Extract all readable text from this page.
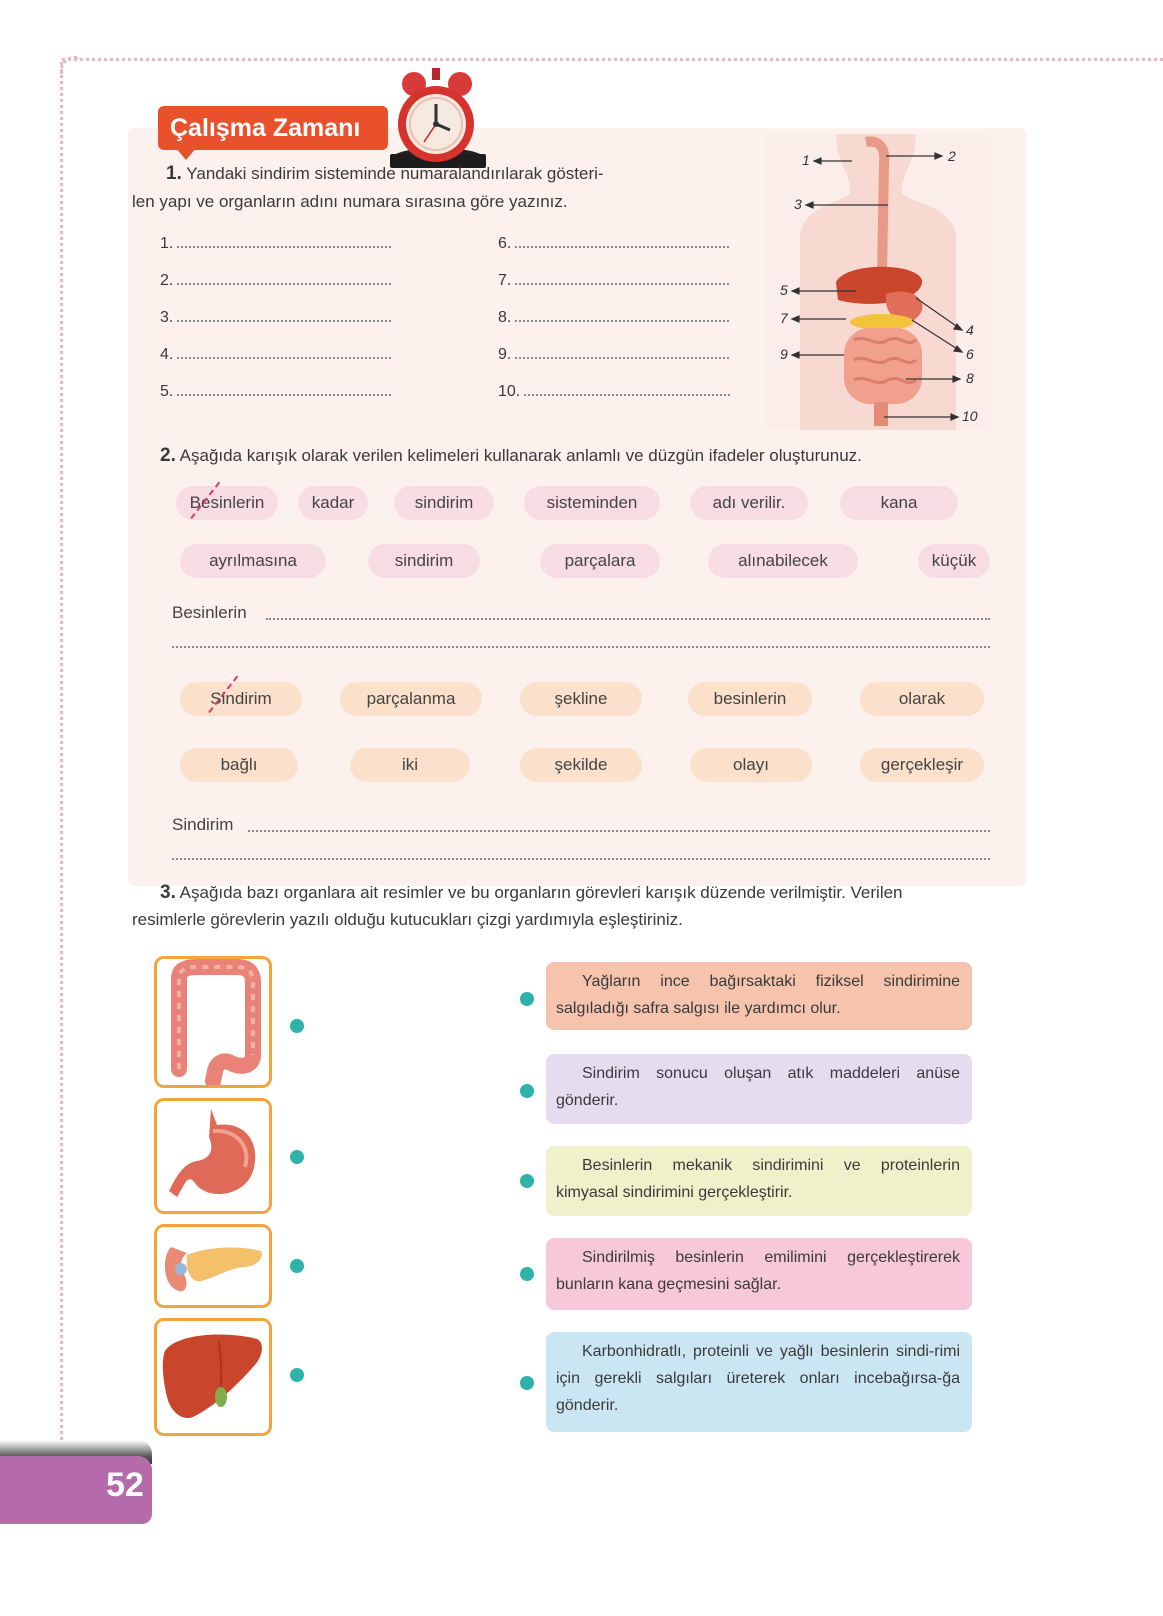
Çalışma Zamanı
1. Yandaki sindirim sisteminde numaralandırılarak gösteri-
len yapı ve organların adını numara sırasına göre yazınız.
1.
2.
3.
4.
5.
6.
7.
8.
9.
10.
1	2
3
4
5
6
7
8
9
10
2. Aşağıda karışık olarak verilen kelimeleri kullanarak anlamlı ve düzgün ifadeler oluşturunuz.
Besinlerin	kadar	sindirim	sisteminden	adı verilir.	kana
ayrılmasına	sindirim	parçalara	alınabilecek	küçük
Besinlerin
Sindirim	parçalanma	şekline	besinlerin	olarak
bağlı	iki	şekilde	olayı	gerçekleşir
Sindirim
3. Aşağıda bazı organlara ait resimler ve bu organların görevleri karışık düzende verilmiştir. Verilen
resimlerle görevlerin yazılı olduğu kutucukları çizgi yardımıyla eşleştiriniz.
Yağların ince bağırsaktaki fiziksel sindirimine salgıladığı safra salgısı ile yardımcı olur.
Sindirim sonucu oluşan atık maddeleri anüse gönderir.
Besinlerin mekanik sindirimini ve proteinlerin kimyasal sindirimini gerçekleştirir.
Sindirilmiş besinlerin emilimini gerçekleştirerek bunların kana geçmesini sağlar.
Karbonhidratlı, proteinli ve yağlı besinlerin sindi-rimi için gerekli salgıları üreterek onları incebağırsa-ğa gönderir.
52
